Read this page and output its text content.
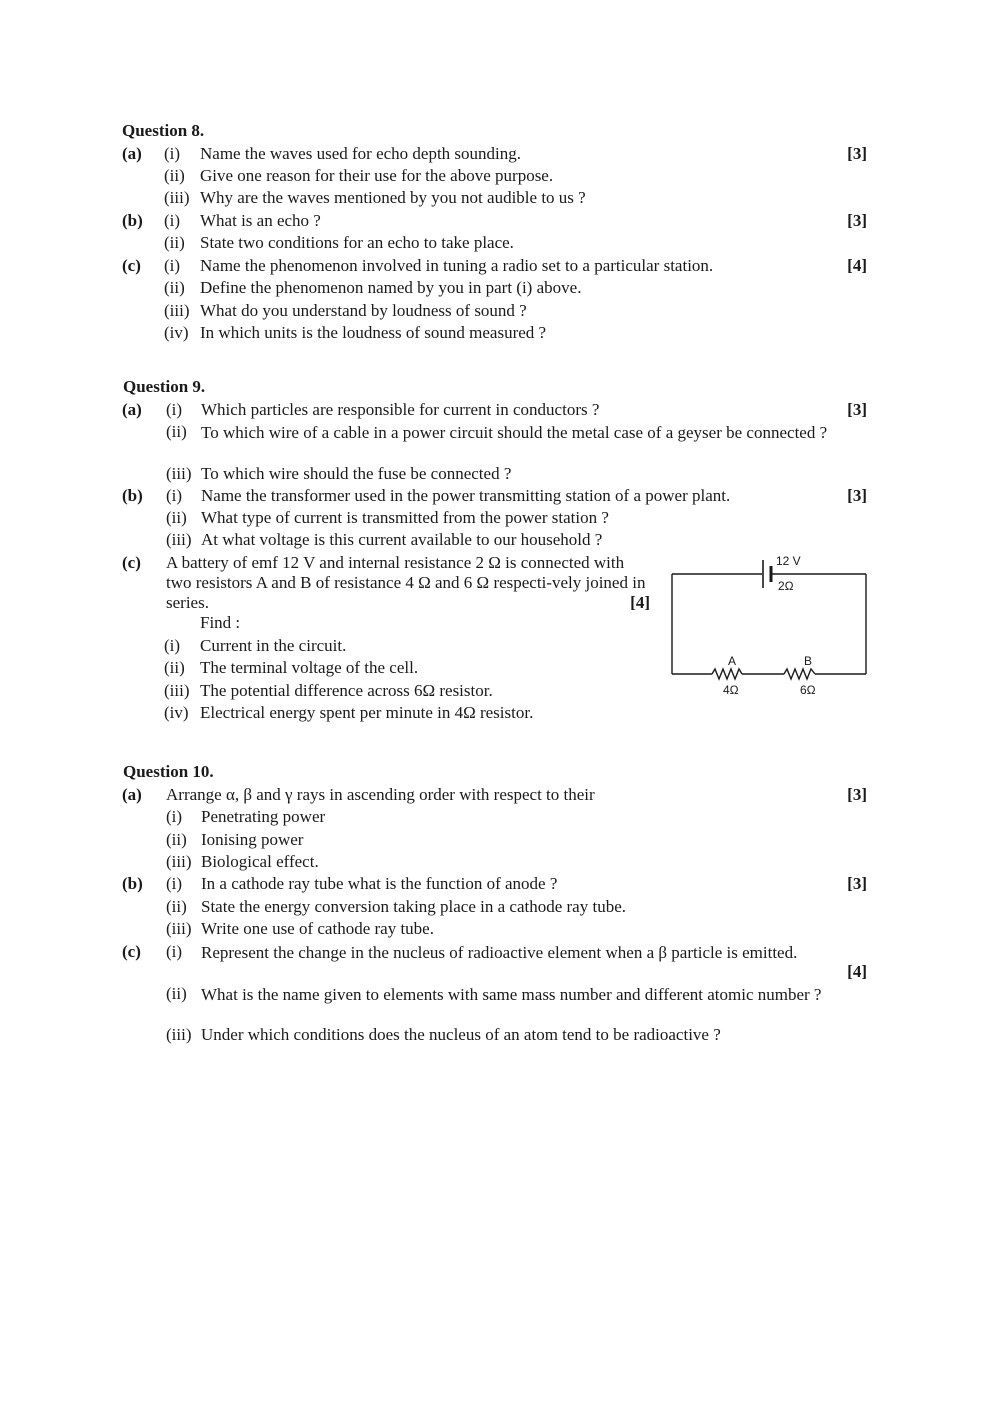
Question 8.
(a) (i) Name the waves used for echo depth sounding.	[3]
(ii) Give one reason for their use for the above purpose.
(iii) Why are the waves mentioned by you not audible to us ?
(b) (i) What is an echo ?	[3]
(ii) State two conditions for an echo to take place.
(c) (i) Name the phenomenon involved in tuning a radio set to a particular station.	[4]
(ii) Define the phenomenon named by you in part (i) above.
(iii) What do you understand by loudness of sound ?
(iv) In which units is the loudness of sound measured ?
Question 9.
(a) (i) Which particles are responsible for current in conductors ?	[3]
(ii) To which wire of a cable in a power circuit should the metal case of a geyser be connected ?
(iii) To which wire should the fuse be connected ?
(b) (i) Name the transformer used in the power transmitting station of a power plant.	[3]
(ii) What type of current is transmitted from the power station ?
(iii) At what voltage is this current available to our household ?
(c) A battery of emf 12 V and internal resistance 2 Ω is connected with two resistors A and B of resistance 4 Ω and 6 Ω respecti-vely joined in series.	[4]
Find :
(i) Current in the circuit.
(ii) The terminal voltage of the cell.
(iii) The potential difference across 6Ω resistor.
(iv) Electrical energy spent per minute in 4Ω resistor.
12 V
2Ω
A
4Ω
B
6Ω
Question 10.
(a) Arrange α, β and γ rays in ascending order with respect to their	[3]
(i) Penetrating power
(ii) Ionising power
(iii) Biological effect.
(b) (i) In a cathode ray tube what is the function of anode ?	[3]
(ii) State the energy conversion taking place in a cathode ray tube.
(iii) Write one use of cathode ray tube.
(c) (i) Represent the change in the nucleus of radioactive element when a β particle is emitted.
[4]
(ii) What is the name given to elements with same mass number and different atomic number ?
(iii) Under which conditions does the nucleus of an atom tend to be radioactive ?
